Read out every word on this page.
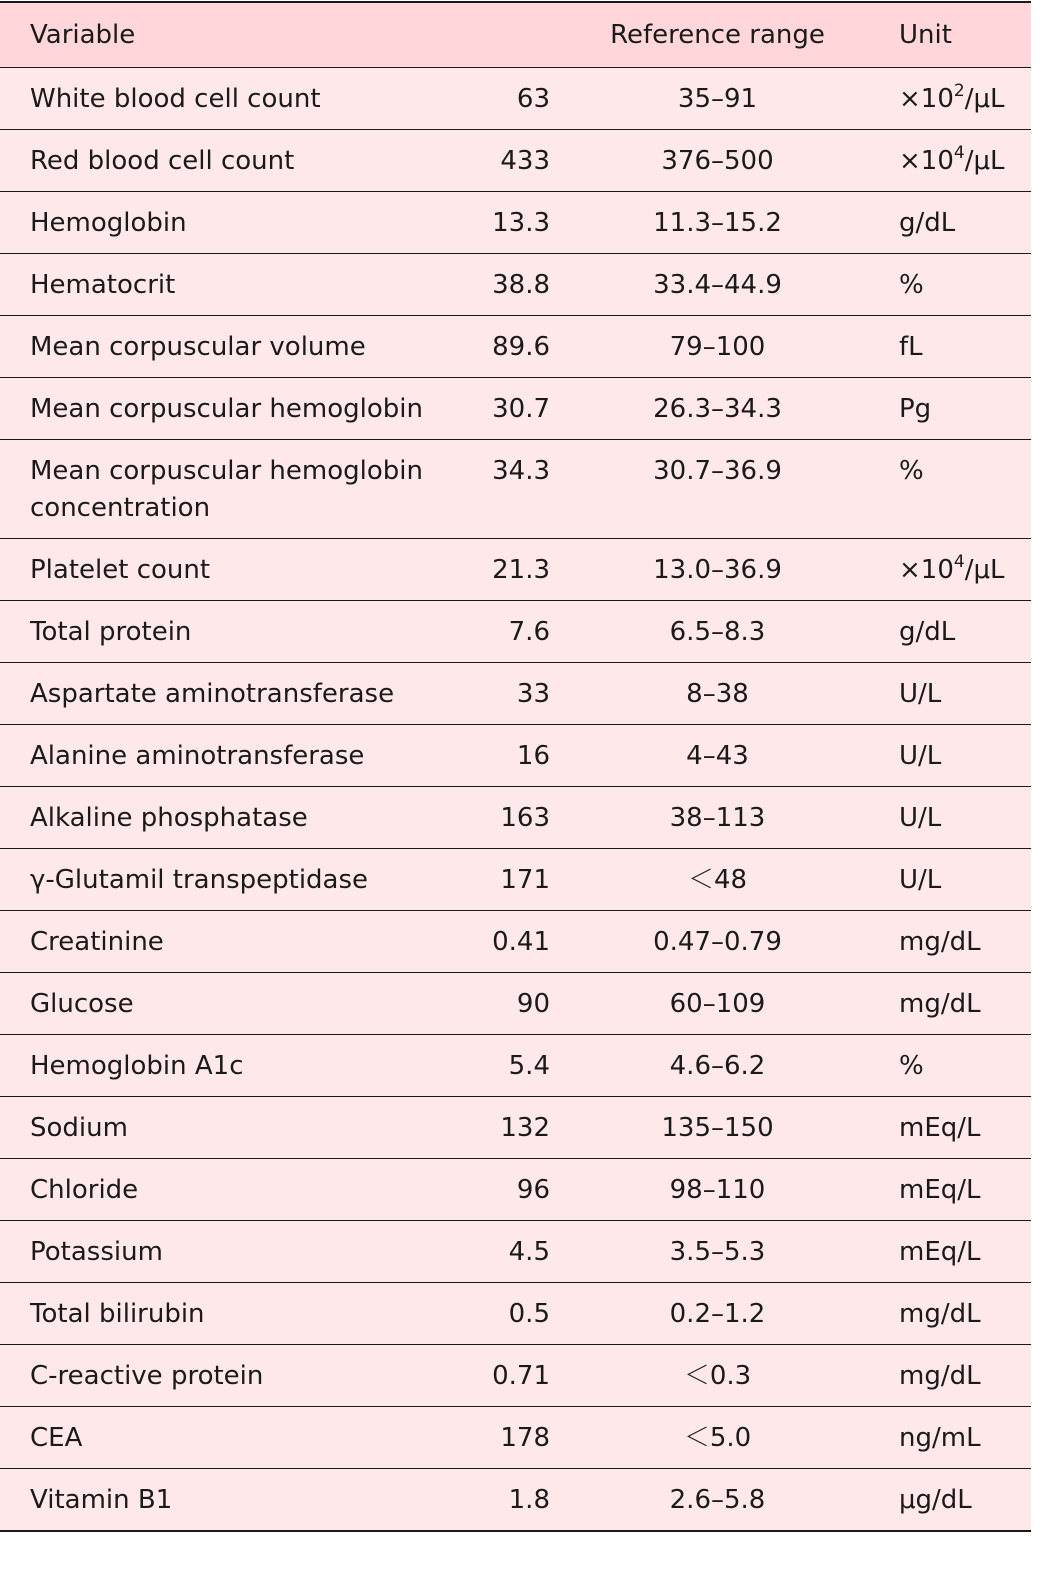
Variable		Reference range	Unit
White blood cell count	63	35–91	$\times 10^2/\mu L$
Red blood cell count	433	376–500	$\times 10^4/\mu L$
Hemoglobin	13.3	11.3–15.2	g/dL
Hematocrit	38.8	33.4–44.9	%
Mean corpuscular volume	89.6	79–100	fL
Mean corpuscular hemoglobin	30.7	26.3–34.3	Pg
Mean corpuscular hemoglobin concentration	34.3	30.7–36.9	%
Platelet count	21.3	13.0–36.9	$\times 10^4/\mu L$
Total protein	7.6	6.5–8.3	g/dL
Aspartate aminotransferase	33	8–38	U/L
Alanine aminotransferase	16	4–43	U/L
Alkaline phosphatase	163	38–113	U/L
γ-Glutamil transpeptidase	171	＜48	U/L
Creatinine	0.41	0.47–0.79	mg/dL
Glucose	90	60–109	mg/dL
Hemoglobin A1c	5.4	4.6–6.2	%
Sodium	132	135–150	mEq/L
Chloride	96	98–110	mEq/L
Potassium	4.5	3.5–5.3	mEq/L
Total bilirubin	0.5	0.2–1.2	mg/dL
C-reactive protein	0.71	＜0.3	mg/dL
CEA	178	＜5.0	ng/mL
Vitamin B1	1.8	2.6–5.8	μg/dL
